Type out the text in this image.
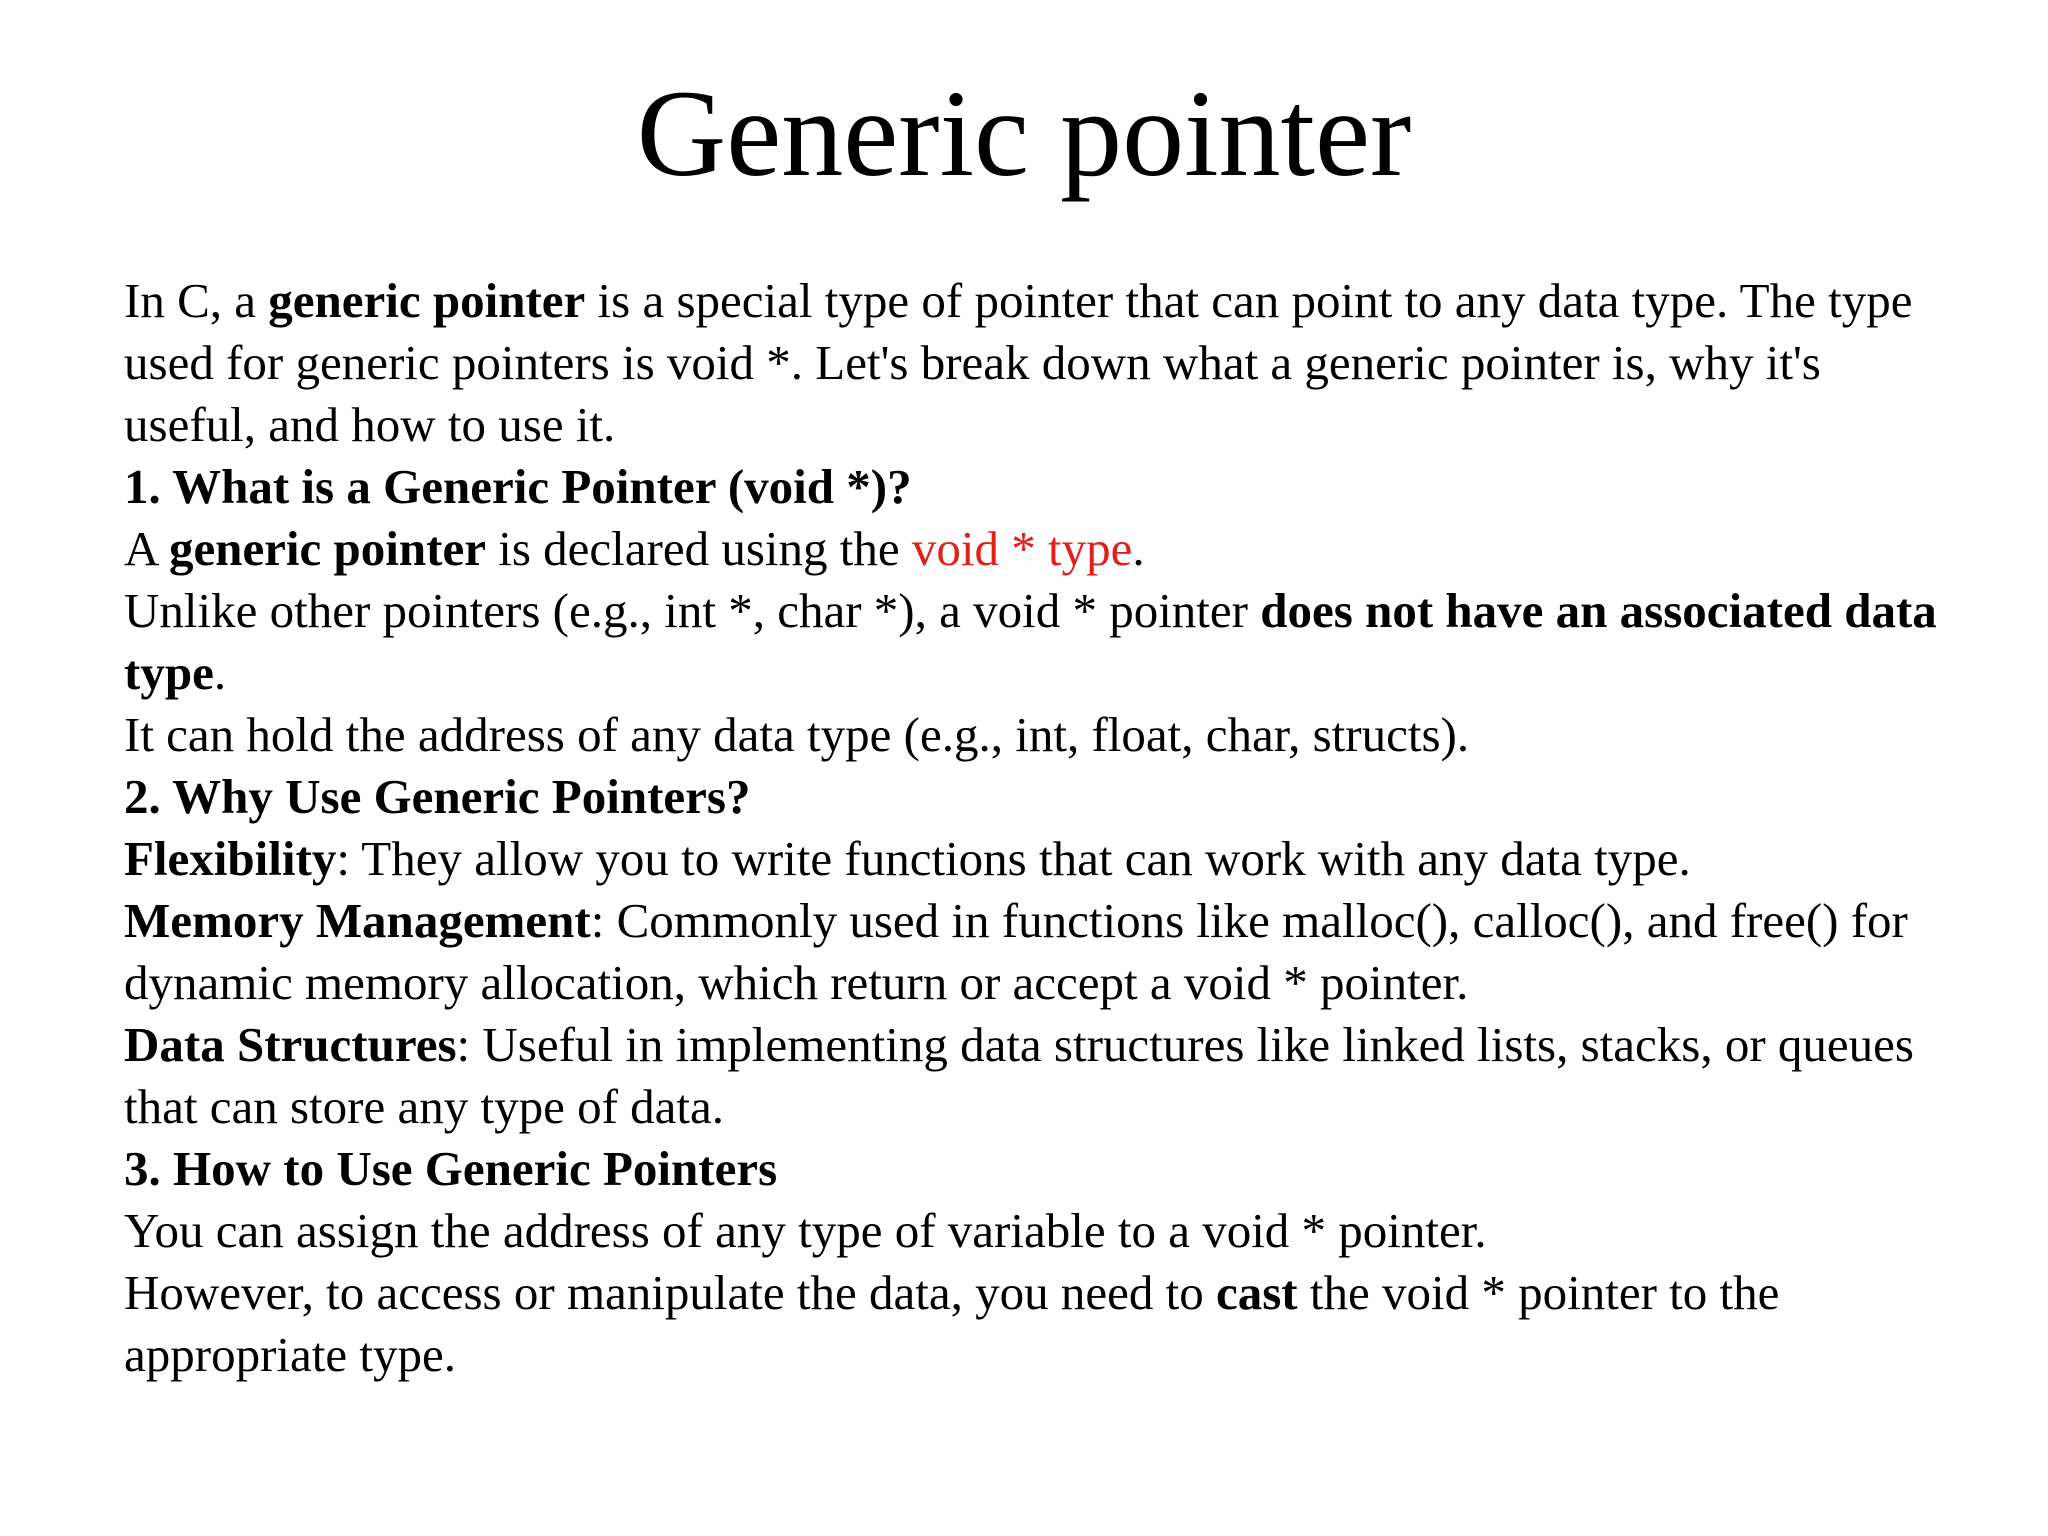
Generic pointer

In C, a generic pointer is a special type of pointer that can point to any data type. The type used for generic pointers is void *. Let's break down what a generic pointer is, why it's useful, and how to use it.

1. What is a Generic Pointer (void *)?

A generic pointer is declared using the void * type.

Unlike other pointers (e.g., int *, char *), a void * pointer does not have an associated data type.

It can hold the address of any data type (e.g., int, float, char, structs).

2. Why Use Generic Pointers?

Flexibility: They allow you to write functions that can work with any data type.

Memory Management: Commonly used in functions like malloc(), calloc(), and free() for dynamic memory allocation, which return or accept a void * pointer.

Data Structures: Useful in implementing data structures like linked lists, stacks, or queues that can store any type of data.

3. How to Use Generic Pointers

You can assign the address of any type of variable to a void * pointer.

However, to access or manipulate the data, you need to cast the void * pointer to the appropriate type.
